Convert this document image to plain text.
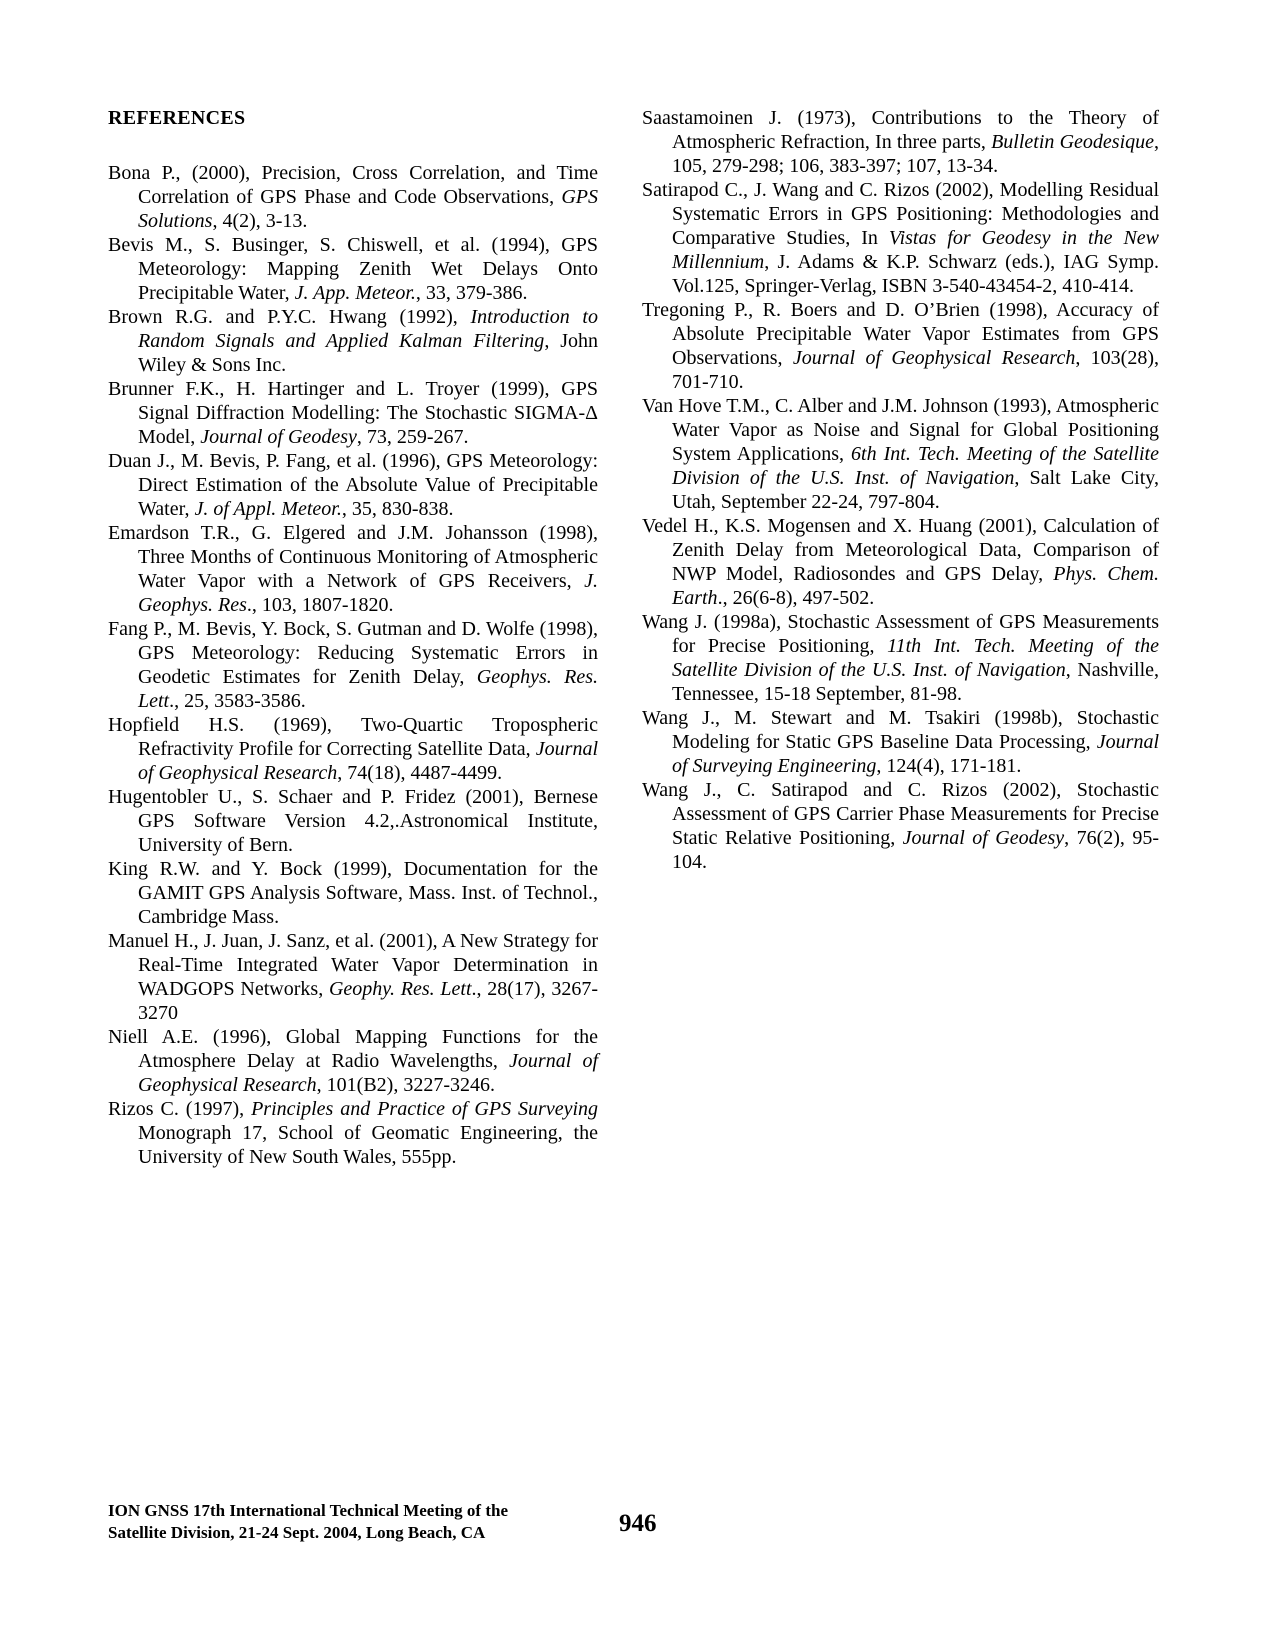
REFERENCES

Bona P., (2000), Precision, Cross Correlation, and Time Correlation of GPS Phase and Code Observations, GPS Solutions, 4(2), 3-13.

Bevis M., S. Businger, S. Chiswell, et al. (1994), GPS Meteorology: Mapping Zenith Wet Delays Onto Precipitable Water, J. App. Meteor., 33, 379-386.

Brown R.G. and P.Y.C. Hwang (1992), Introduction to Random Signals and Applied Kalman Filtering, John Wiley & Sons Inc.

Brunner F.K., H. Hartinger and L. Troyer (1999), GPS Signal Diffraction Modelling: The Stochastic SIGMA-Δ Model, Journal of Geodesy, 73, 259-267.

Duan J., M. Bevis, P. Fang, et al. (1996), GPS Meteorology: Direct Estimation of the Absolute Value of Precipitable Water, J. of Appl. Meteor., 35, 830-838.

Emardson T.R., G. Elgered and J.M. Johansson (1998), Three Months of Continuous Monitoring of Atmospheric Water Vapor with a Network of GPS Receivers, J. Geophys. Res., 103, 1807-1820.

Fang P., M. Bevis, Y. Bock, S. Gutman and D. Wolfe (1998), GPS Meteorology: Reducing Systematic Errors in Geodetic Estimates for Zenith Delay, Geophys. Res. Lett., 25, 3583-3586.

Hopfield H.S. (1969), Two-Quartic Tropospheric Refractivity Profile for Correcting Satellite Data, Journal of Geophysical Research, 74(18), 4487-4499.

Hugentobler U., S. Schaer and P. Fridez (2001), Bernese GPS Software Version 4.2,.Astronomical Institute, University of Bern.

King R.W. and Y. Bock (1999), Documentation for the GAMIT GPS Analysis Software, Mass. Inst. of Technol., Cambridge Mass.

Manuel H., J. Juan, J. Sanz, et al. (2001), A New Strategy for Real-Time Integrated Water Vapor Determination in WADGOPS Networks, Geophy. Res. Lett., 28(17), 3267-3270

Niell A.E. (1996), Global Mapping Functions for the Atmosphere Delay at Radio Wavelengths, Journal of Geophysical Research, 101(B2), 3227-3246.

Rizos C. (1997), Principles and Practice of GPS Surveying Monograph 17, School of Geomatic Engineering, the University of New South Wales, 555pp.

Saastamoinen J. (1973), Contributions to the Theory of Atmospheric Refraction, In three parts, Bulletin Geodesique, 105, 279-298; 106, 383-397; 107, 13-34.

Satirapod C., J. Wang and C. Rizos (2002), Modelling Residual Systematic Errors in GPS Positioning: Methodologies and Comparative Studies, In Vistas for Geodesy in the New Millennium, J. Adams & K.P. Schwarz (eds.), IAG Symp. Vol.125, Springer-Verlag, ISBN 3-540-43454-2, 410-414.

Tregoning P., R. Boers and D. O’Brien (1998), Accuracy of Absolute Precipitable Water Vapor Estimates from GPS Observations, Journal of Geophysical Research, 103(28), 701-710.

Van Hove T.M., C. Alber and J.M. Johnson (1993), Atmospheric Water Vapor as Noise and Signal for Global Positioning System Applications, 6th Int. Tech. Meeting of the Satellite Division of the U.S. Inst. of Navigation, Salt Lake City, Utah, September 22-24, 797-804.

Vedel H., K.S. Mogensen and X. Huang (2001), Calculation of Zenith Delay from Meteorological Data, Comparison of NWP Model, Radiosondes and GPS Delay, Phys. Chem. Earth., 26(6-8), 497-502.

Wang J. (1998a), Stochastic Assessment of GPS Measurements for Precise Positioning, 11th Int. Tech. Meeting of the Satellite Division of the U.S. Inst. of Navigation, Nashville, Tennessee, 15-18 September, 81-98.

Wang J., M. Stewart and M. Tsakiri (1998b), Stochastic Modeling for Static GPS Baseline Data Processing, Journal of Surveying Engineering, 124(4), 171-181.

Wang J., C. Satirapod and C. Rizos (2002), Stochastic Assessment of GPS Carrier Phase Measurements for Precise Static Relative Positioning, Journal of Geodesy, 76(2), 95-104.

ION GNSS 17th International Technical Meeting of the
Satellite Division, 21-24 Sept. 2004, Long Beach, CA	946
